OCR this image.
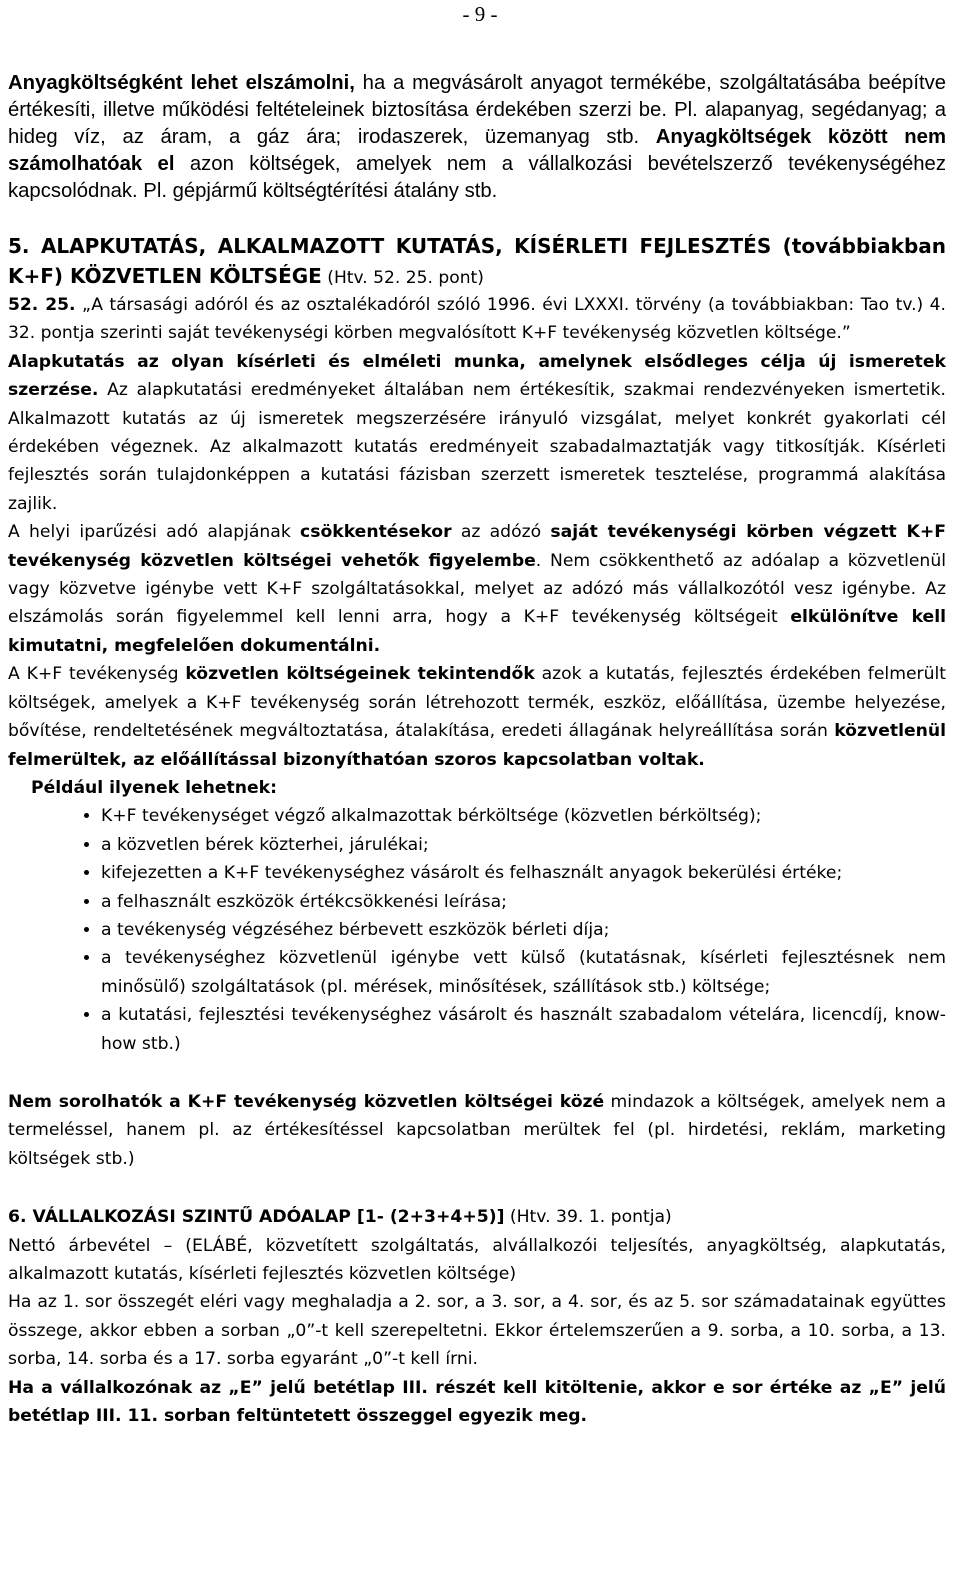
- 9 -

Anyagköltségként lehet elszámolni, ha a megvásárolt anyagot termékébe, szolgáltatásába beépítve értékesíti, illetve működési feltételeinek biztosítása érdekében szerzi be. Pl. alapanyag, segédanyag; a hideg víz, az áram, a gáz ára; irodaszerek, üzemanyag stb. Anyagköltségek között nem számolhatóak el azon költségek, amelyek nem a vállalkozási bevételszerző tevékenységéhez kapcsolódnak. Pl. gépjármű költségtérítési átalány stb.

5. ALAPKUTATÁS, ALKALMAZOTT KUTATÁS, KÍSÉRLETI FEJLESZTÉS (továbbiakban K+F) KÖZVETLEN KÖLTSÉGE (Htv. 52. 25. pont)

52. 25. „A társasági adóról és az osztalékadóról szóló 1996. évi LXXXI. törvény (a továbbiakban: Tao tv.) 4. 32. pontja szerinti saját tevékenységi körben megvalósított K+F tevékenység közvetlen költsége.”

Alapkutatás az olyan kísérleti és elméleti munka, amelynek elsődleges célja új ismeretek szerzése. Az alapkutatási eredményeket általában nem értékesítik, szakmai rendezvényeken ismertetik. Alkalmazott kutatás az új ismeretek megszerzésére irányuló vizsgálat, melyet konkrét gyakorlati cél érdekében végeznek. Az alkalmazott kutatás eredményeit szabadalmaztatják vagy titkosítják. Kísérleti fejlesztés során tulajdonképpen a kutatási fázisban szerzett ismeretek tesztelése, programmá alakítása zajlik.

A helyi iparűzési adó alapjának csökkentésekor az adózó saját tevékenységi körben végzett K+F tevékenység közvetlen költségei vehetők figyelembe. Nem csökkenthető az adóalap a közvetlenül vagy közvetve igénybe vett K+F szolgáltatásokkal, melyet az adózó más vállalkozótól vesz igénybe. Az elszámolás során figyelemmel kell lenni arra, hogy a K+F tevékenység költségeit elkülönítve kell kimutatni, megfelelően dokumentálni.

A K+F tevékenység közvetlen költségeinek tekintendők azok a kutatás, fejlesztés érdekében felmerült költségek, amelyek a K+F tevékenység során létrehozott termék, eszköz, előállítása, üzembe helyezése, bővítése, rendeltetésének megváltoztatása, átalakítása, eredeti állagának helyreállítása során közvetlenül felmerültek, az előállítással bizonyíthatóan szoros kapcsolatban voltak.

Például ilyenek lehetnek:

• K+F tevékenységet végző alkalmazottak bérköltsége (közvetlen bérköltség);
• a közvetlen bérek közterhei, járulékai;
• kifejezetten a K+F tevékenységhez vásárolt és felhasznált anyagok bekerülési értéke;
• a felhasznált eszközök értékcsökkenési leírása;
• a tevékenység végzéséhez bérbevett eszközök bérleti díja;
• a tevékenységhez közvetlenül igénybe vett külső (kutatásnak, kísérleti fejlesztésnek nem minősülő) szolgáltatások (pl. mérések, minősítések, szállítások stb.) költsége;
• a kutatási, fejlesztési tevékenységhez vásárolt és használt szabadalom vételára, licencdíj, know-how stb.)

Nem sorolhatók a K+F tevékenység közvetlen költségei közé mindazok a költségek, amelyek nem a termeléssel, hanem pl. az értékesítéssel kapcsolatban merültek fel (pl. hirdetési, reklám, marketing költségek stb.)

6. VÁLLALKOZÁSI SZINTŰ ADÓALAP [1- (2+3+4+5)] (Htv. 39. 1. pontja)

Nettó árbevétel – (ELÁBÉ, közvetített szolgáltatás, alvállalkozói teljesítés, anyagköltség, alapkutatás, alkalmazott kutatás, kísérleti fejlesztés közvetlen költsége)

Ha az 1. sor összegét eléri vagy meghaladja a 2. sor, a 3. sor, a 4. sor, és az 5. sor számadatainak együttes összege, akkor ebben a sorban „0”-t kell szerepeltetni. Ekkor értelemszerűen a 9. sorba, a 10. sorba, a 13. sorba, 14. sorba és a 17. sorba egyaránt „0”-t kell írni.

Ha a vállalkozónak az „E” jelű betétlap III. részét kell kitöltenie, akkor e sor értéke az „E” jelű betétlap III. 11. sorban feltüntetett összeggel egyezik meg.
